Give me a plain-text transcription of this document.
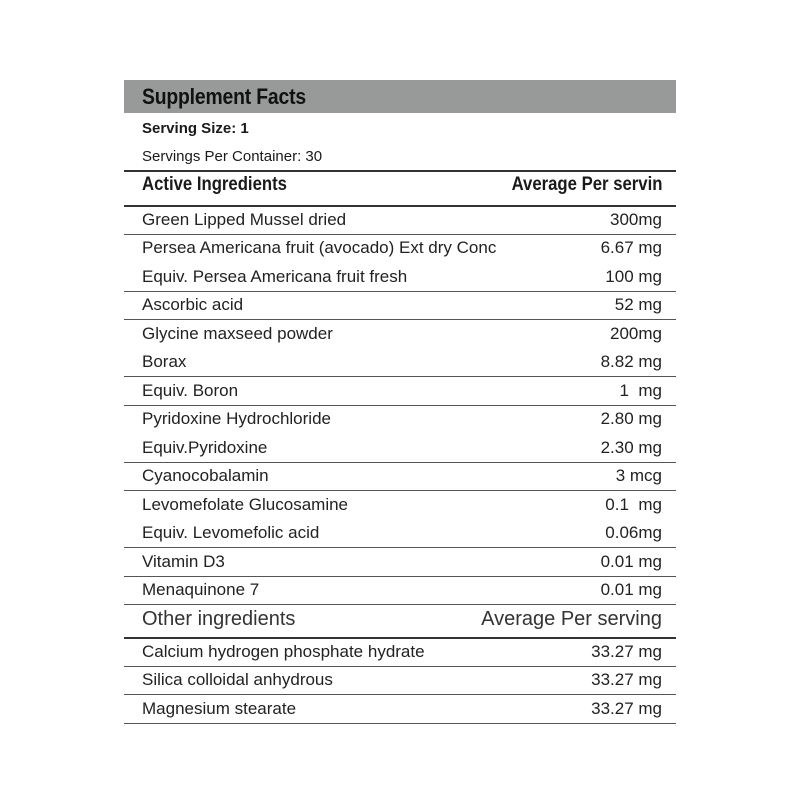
Supplement Facts
Serving Size: 1
Servings Per Container: 30
Active Ingredients	Average Per servin
Green Lipped Mussel dried	300mg
Persea Americana fruit (avocado) Ext dry Conc	6.67 mg
Equiv. Persea Americana fruit fresh	100 mg
Ascorbic acid	52 mg
Glycine maxseed powder	200mg
Borax	8.82 mg
Equiv. Boron	1  mg
Pyridoxine Hydrochloride	2.80 mg
Equiv.Pyridoxine	2.30 mg
Cyanocobalamin	3 mcg
Levomefolate Glucosamine	0.1  mg
Equiv. Levomefolic acid	0.06mg
Vitamin D3	0.01 mg
Menaquinone 7	0.01 mg
Other ingredients	Average Per serving
Calcium hydrogen phosphate hydrate	33.27 mg
Silica colloidal anhydrous	33.27 mg
Magnesium stearate	33.27 mg
